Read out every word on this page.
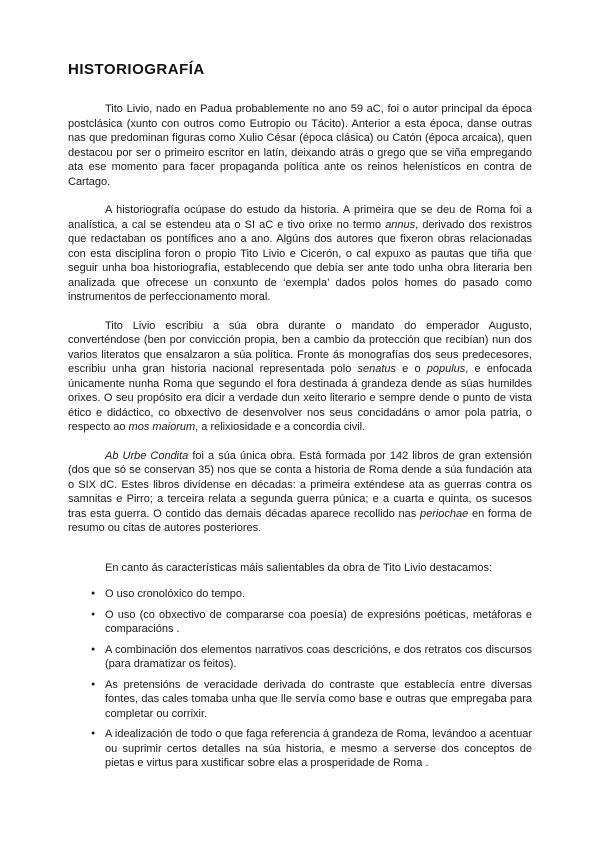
HISTORIOGRAFÍA

Tito Livio, nado en Padua probablemente no ano 59 aC, foi o autor principal da época postclásica (xunto con outros como Eutropio ou Tácito). Anterior a esta época, danse outras nas que predominan figuras como Xulio César (época clásica) ou Catón (época arcaica), quen destacou por ser o primeiro escritor en latín, deixando atrás o grego que se viña empregando ata ese momento para facer propaganda política ante os reinos helenísticos en contra de Cartago.

A historiografía ocúpase do estudo da historia. A primeira que se deu de Roma foi a analística, a cal se estendeu ata o SI aC e tivo orixe no termo annus, derivado dos rexistros que redactaban os pontífices ano a ano. Algúns dos autores que fixeron obras relacionadas con esta disciplina foron o propio Tito Livio e Cicerón, o cal expuxo as pautas que tiña que seguir unha boa historiografía, establecendo que debía ser ante todo unha obra literaria ben analizada que ofrecese un conxunto de ‘exempla’ dados polos homes do pasado como instrumentos de perfeccionamento moral.

Tito Livio escribiu a súa obra durante o mandato do emperador Augusto, converténdose (ben por convicción propia, ben a cambio da protección que recibían) nun dos varios literatos que ensalzaron a súa política. Fronte ás monografías dos seus predecesores, escribiu unha gran historia nacional representada polo senatus e o populus, e enfocada únicamente nunha Roma que segundo el fora destinada á grandeza dende as súas humildes orixes. O seu propósito era dicir a verdade dun xeito literario e sempre dende o punto de vista ético e didáctico, co obxectivo de desenvolver nos seus concidadáns o amor pola patria, o respecto ao mos maiorum, a relixiosidade e a concordia civil.

Ab Urbe Condita foi a súa única obra. Está formada por 142 libros de gran extensión (dos que só se conservan 35) nos que se conta a historia de Roma dende a súa fundación ata o SIX dC. Estes libros divídense en décadas: a primeira exténdese ata as guerras contra os samnitas e Pirro; a terceira relata a segunda guerra púnica; e a cuarta e quinta, os sucesos tras esta guerra. O contido das demais décadas aparece recollido nas periochae en forma de resumo ou citas de autores posteriores.

En canto ás características máis salientables da obra de Tito Livio destacamos:

● O uso cronolóxico do tempo.
● O uso (co obxectivo de compararse coa poesía) de expresións poéticas, metáforas e comparacións .
● A combinación dos elementos narrativos coas descricións, e dos retratos cos discursos (para dramatizar os feitos).
● As pretensións de veracidade derivada do contraste que establecía entre diversas fontes, das cales tomaba unha que lle servía como base e outras que empregaba para completar ou corrixir.
● A idealización de todo o que faga referencia á grandeza de Roma, levándoo a acentuar ou suprimir certos detalles na súa historia, e mesmo a serverse dos conceptos de pietas e virtus para xustificar sobre elas a prosperidade de Roma .
